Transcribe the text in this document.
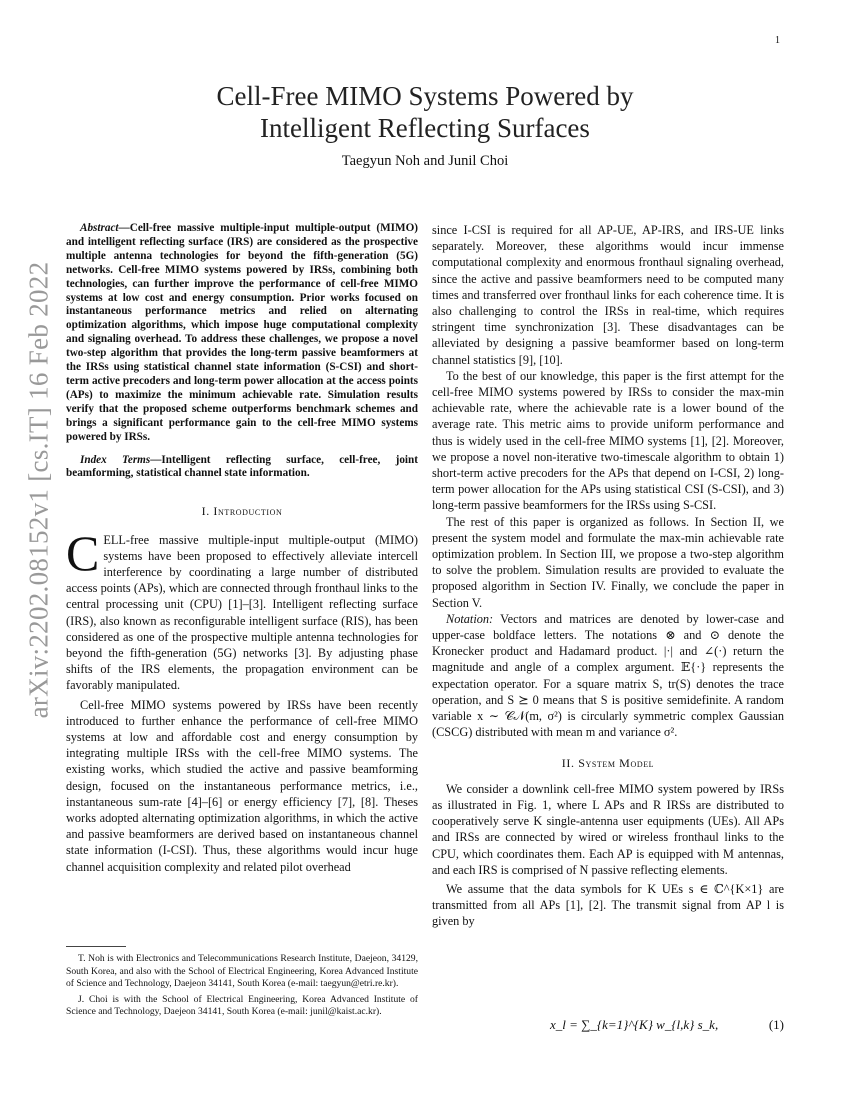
1
arXiv:2202.08152v1 [cs.IT] 16 Feb 2022
Cell-Free MIMO Systems Powered by
Intelligent Reflecting Surfaces
Taegyun Noh and Junil Choi

Abstract—Cell-free massive multiple-input multiple-output (MIMO) and intelligent reflecting surface (IRS) are considered as the prospective multiple antenna technologies for beyond the fifth-generation (5G) networks. Cell-free MIMO systems powered by IRSs, combining both technologies, can further improve the performance of cell-free MIMO systems at low cost and energy consumption. Prior works focused on instantaneous performance metrics and relied on alternating optimization algorithms, which impose huge computational complexity and signaling overhead. To address these challenges, we propose a novel two-step algorithm that provides the long-term passive beamformers at the IRSs using statistical channel state information (S-CSI) and short-term active precoders and long-term power allocation at the access points (APs) to maximize the minimum achievable rate. Simulation results verify that the proposed scheme outperforms benchmark schemes and brings a significant performance gain to the cell-free MIMO systems powered by IRSs.

Index Terms—Intelligent reflecting surface, cell-free, joint beamforming, statistical channel state information.

I. Introduction

CELL-free massive multiple-input multiple-output (MIMO) systems have been proposed to effectively alleviate intercell interference by coordinating a large number of distributed access points (APs), which are connected through fronthaul links to the central processing unit (CPU) [1]–[3]. Intelligent reflecting surface (IRS), also known as reconfigurable intelligent surface (RIS), has been considered as one of the prospective multiple antenna technologies for beyond the fifth-generation (5G) networks [3]. By adjusting phase shifts of the IRS elements, the propagation environment can be favorably manipulated.

Cell-free MIMO systems powered by IRSs have been recently introduced to further enhance the performance of cell-free MIMO systems at low and affordable cost and energy consumption by integrating multiple IRSs with the cell-free MIMO systems. The existing works, which studied the active and passive beamforming design, focused on the instantaneous performance metrics, i.e., instantaneous sum-rate [4]–[6] or energy efficiency [7], [8]. Theses works adopted alternating optimization algorithms, in which the active and passive beamformers are derived based on instantaneous channel state information (I-CSI). Thus, these algorithms would incur huge channel acquisition complexity and related pilot overhead

T. Noh is with Electronics and Telecommunications Research Institute, Daejeon, 34129, South Korea, and also with the School of Electrical Engineering, Korea Advanced Institute of Science and Technology, Daejeon 34141, South Korea (e-mail: taegyun@etri.re.kr).

J. Choi is with the School of Electrical Engineering, Korea Advanced Institute of Science and Technology, Daejeon 34141, South Korea (e-mail: junil@kaist.ac.kr).

since I-CSI is required for all AP-UE, AP-IRS, and IRS-UE links separately. Moreover, these algorithms would incur immense computational complexity and enormous fronthaul signaling overhead, since the active and passive beamformers need to be computed many times and transferred over fronthaul links for each coherence time. It is also challenging to control the IRSs in real-time, which requires stringent time synchronization [3]. These disadvantages can be alleviated by designing a passive beamformer based on long-term channel statistics [9], [10].

To the best of our knowledge, this paper is the first attempt for the cell-free MIMO systems powered by IRSs to consider the max-min achievable rate, where the achievable rate is a lower bound of the average rate. This metric aims to provide uniform performance and thus is widely used in the cell-free MIMO systems [1], [2]. Moreover, we propose a novel non-iterative two-timescale algorithm to obtain 1) short-term active precoders for the APs that depend on I-CSI, 2) long-term power allocation for the APs using statistical CSI (S-CSI), and 3) long-term passive beamformers for the IRSs using S-CSI.

The rest of this paper is organized as follows. In Section II, we present the system model and formulate the max-min achievable rate optimization problem. In Section III, we propose a two-step algorithm to solve the problem. Simulation results are provided to evaluate the proposed algorithm in Section IV. Finally, we conclude the paper in Section V.

Notation: Vectors and matrices are denoted by lower-case and upper-case boldface letters. The notations ⊗ and ⊙ denote the Kronecker product and Hadamard product. |·| and ∠(·) return the magnitude and angle of a complex argument. 𝔼{·} represents the expectation operator. For a square matrix S, tr(S) denotes the trace operation, and S ⪰ 0 means that S is positive semidefinite. A random variable x ∼ 𝒞𝒩(m, σ²) is circularly symmetric complex Gaussian (CSCG) distributed with mean m and variance σ².

II. System Model

We consider a downlink cell-free MIMO system powered by IRSs as illustrated in Fig. 1, where L APs and R IRSs are distributed to cooperatively serve K single-antenna user equipments (UEs). All APs and IRSs are connected by wired or wireless fronthaul links to the CPU, which coordinates them. Each AP is equipped with M antennas, and each IRS is comprised of N passive reflecting elements.

We assume that the data symbols for K UEs s ∈ ℂ^{K×1} are transmitted from all APs [1], [2]. The transmit signal from AP l is given by

x_l = ∑_{k=1}^{K} w_{l,k} s_k,	(1)
